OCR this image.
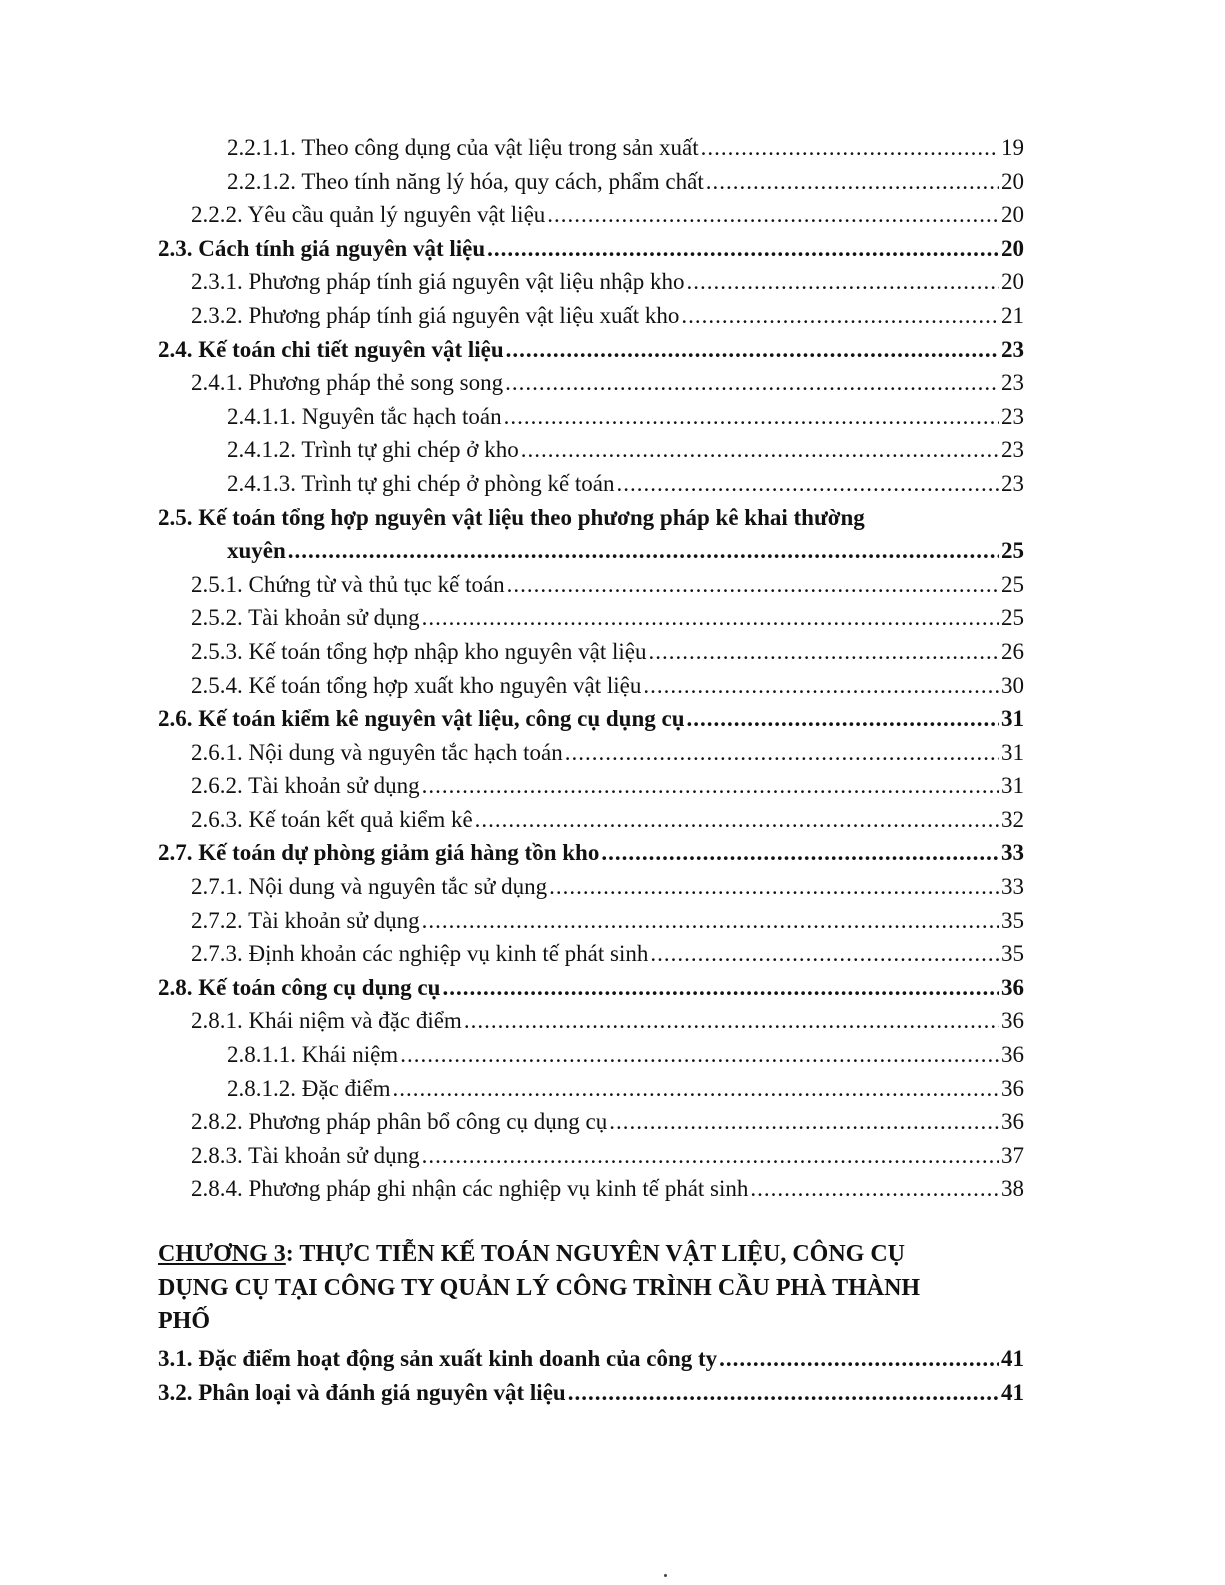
2.2.1.1. Theo công dụng của vật liệu trong sản xuất .....	19
2.2.1.2. Theo tính năng lý hóa, quy cách, phẩm chất .....	20
2.2.2. Yêu cầu quản lý nguyên vật liệu .....	20
2.3. Cách tính giá nguyên vật liệu .....	20
2.3.1. Phương pháp tính giá nguyên vật liệu nhập kho .....	20
2.3.2. Phương pháp tính giá nguyên vật liệu xuất kho .....	21
2.4. Kế toán chi tiết nguyên vật liệu .....	23
2.4.1. Phương pháp thẻ song song .....	23
2.4.1.1. Nguyên tắc hạch toán .....	23
2.4.1.2. Trình tự ghi chép ở kho .....	23
2.4.1.3. Trình tự ghi chép ở phòng kế toán .....	23
2.5. Kế toán tổng hợp nguyên vật liệu theo phương pháp kê khai thường
xuyên .....	25
2.5.1. Chứng từ và thủ tục kế toán .....	25
2.5.2. Tài khoản sử dụng .....	25
2.5.3. Kế toán tổng hợp nhập kho nguyên vật liệu .....	26
2.5.4. Kế toán tổng hợp xuất kho nguyên vật liệu .....	30
2.6. Kế toán kiểm kê nguyên vật liệu, công cụ dụng cụ .....	31
2.6.1. Nội dung và nguyên tắc hạch toán .....	31
2.6.2. Tài khoản sử dụng .....	31
2.6.3. Kế toán kết quả kiểm kê .....	32
2.7. Kế toán dự phòng giảm giá hàng tồn kho .....	33
2.7.1. Nội dung và nguyên tắc sử dụng .....	33
2.7.2. Tài khoản sử dụng .....	35
2.7.3. Định khoản các nghiệp vụ kinh tế phát sinh .....	35
2.8. Kế toán công cụ dụng cụ .....	36
2.8.1. Khái niệm và đặc điểm .....	36
2.8.1.1. Khái niệm .....	36
2.8.1.2. Đặc điểm .....	36
2.8.2. Phương pháp phân bổ công cụ dụng cụ .....	36
2.8.3. Tài khoản sử dụng .....	37
2.8.4. Phương pháp ghi nhận các nghiệp vụ kinh tế phát sinh .....	38
CHƯƠNG 3: THỰC TIỄN KẾ TOÁN NGUYÊN VẬT LIỆU, CÔNG CỤ
DỤNG CỤ TẠI CÔNG TY QUẢN LÝ CÔNG TRÌNH CẦU PHÀ THÀNH
PHỐ
3.1. Đặc điểm hoạt động sản xuất kinh doanh của công ty .....	41
3.2. Phân loại và đánh giá nguyên vật liệu .....	41
